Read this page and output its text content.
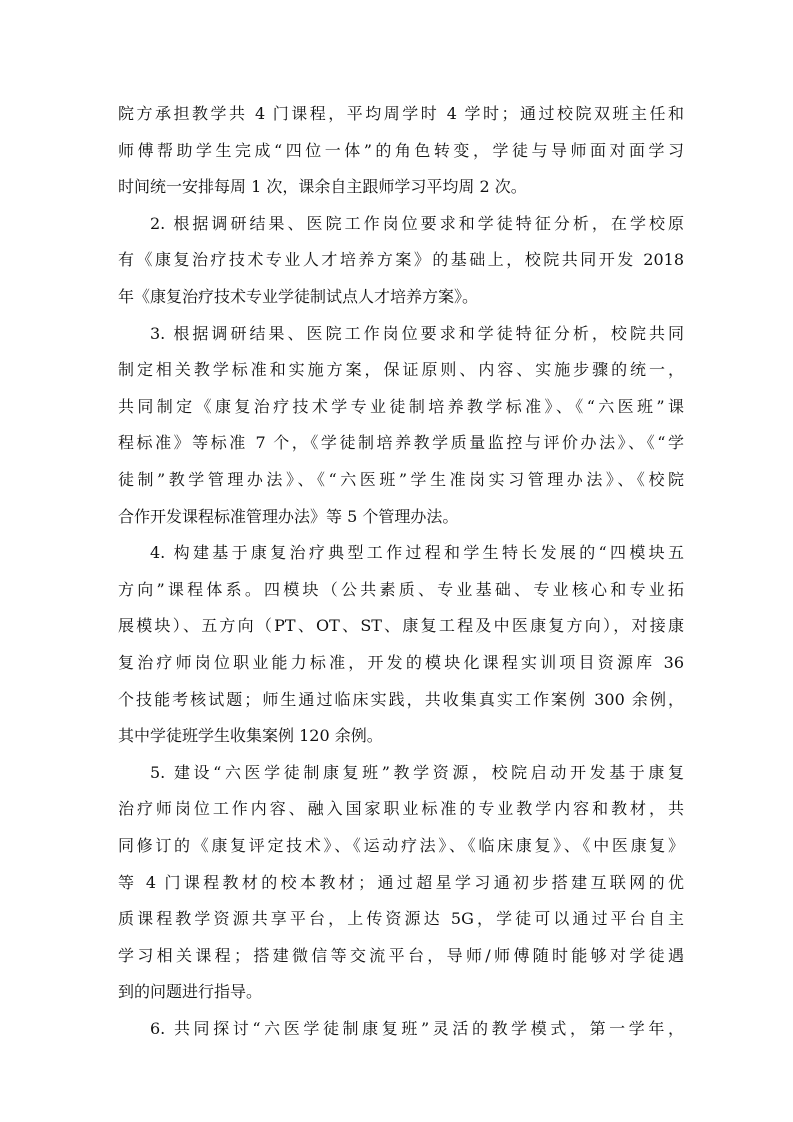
院方承担教学共 4 门课程，平均周学时 4 学时；通过校院双班主任和
师傅帮助学生完成“四位一体”的角色转变，学徒与导师面对面学习
时间统一安排每周 1 次，课余自主跟师学习平均周 2 次。
2. 根据调研结果、医院工作岗位要求和学徒特征分析，在学校原
有《康复治疗技术专业人才培养方案》的基础上，校院共同开发 2018
年《康复治疗技术专业学徒制试点人才培养方案》。
3. 根据调研结果、医院工作岗位要求和学徒特征分析，校院共同
制定相关教学标准和实施方案，保证原则、内容、实施步骤的统一，
共同制定《康复治疗技术学专业徒制培养教学标准》、《“六医班”课
程标准》等标准 7 个，《学徒制培养教学质量监控与评价办法》、《“学
徒制”教学管理办法》、《“六医班”学生准岗实习管理办法》、《校院
合作开发课程标准管理办法》等 5 个管理办法。
4. 构建基于康复治疗典型工作过程和学生特长发展的“四模块五
方向”课程体系。四模块（公共素质、专业基础、专业核心和专业拓
展模块）、五方向（PT、OT、ST、康复工程及中医康复方向），对接康
复治疗师岗位职业能力标准，开发的模块化课程实训项目资源库 36
个技能考核试题；师生通过临床实践，共收集真实工作案例 300 余例，
其中学徒班学生收集案例 120 余例。
5. 建设“六医学徒制康复班”教学资源，校院启动开发基于康复
治疗师岗位工作内容、融入国家职业标准的专业教学内容和教材，共
同修订的《康复评定技术》、《运动疗法》、《临床康复》、《中医康复》
等 4 门课程教材的校本教材；通过超星学习通初步搭建互联网的优
质课程教学资源共享平台，上传资源达 5G，学徒可以通过平台自主
学习相关课程；搭建微信等交流平台，导师/师傅随时能够对学徒遇
到的问题进行指导。
6. 共同探讨“六医学徒制康复班”灵活的教学模式，第一学年，
